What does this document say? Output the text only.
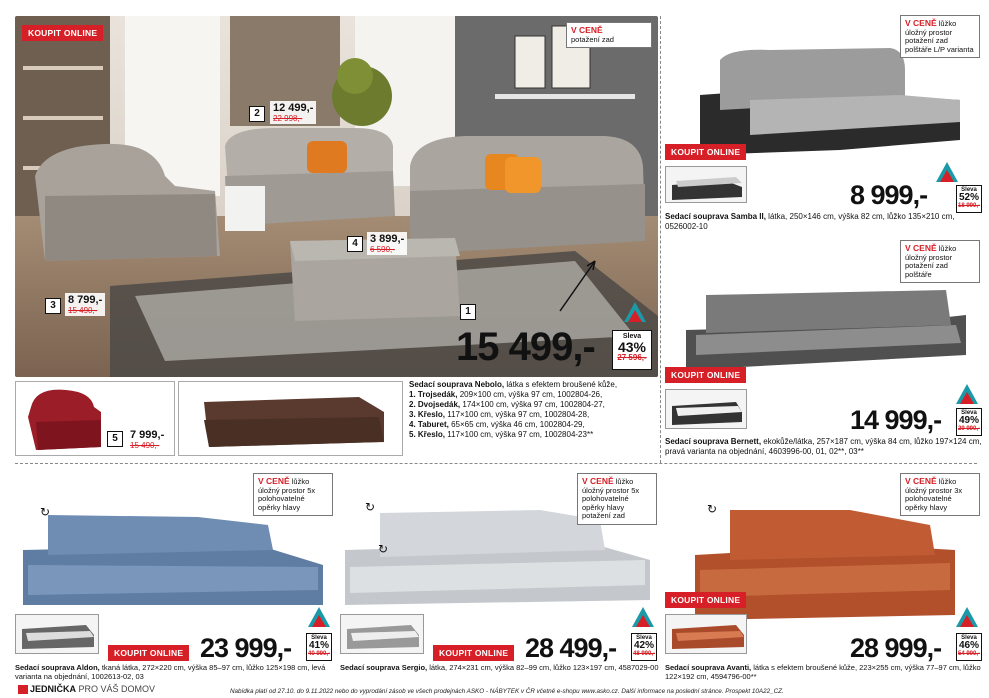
KOUPIT ONLINE	V CENĚ
potažení zad
2	12 499,-
22 998,-
4	3 899,-
6 590,-
3	8 799,-
15 490,-	1
15 499,-	Sleva
43%
27 596,-
5	7 999,-
15 490,-
Sedací souprava Nebolo, látka s efektem broušené kůže,
1. Trojsedák, 209×100 cm, výška 97 cm, 1002804-26,
2. Dvojsedák, 174×100 cm, výška 97 cm, 1002804-27,
3. Křeslo, 117×100 cm, výška 97 cm, 1002804-28,
4. Taburet, 65×65 cm, výška 46 cm, 1002804-29,
5. Křeslo, 117×100 cm, výška 97 cm, 1002804-23**
V CENĚ lůžko úložný prostor potažení zad polštáře L/P varianta
KOUPIT ONLINE
8 999,-	Sleva
52%
18 990,-
Sedací souprava Samba II, látka, 250×146 cm, výška 82 cm, lůžko 135×210 cm, 0526002-10
V CENĚ lůžko úložný prostor potažení zad polštáře
KOUPIT ONLINE
14 999,-	Sleva
49%
29 990,-
Sedací souprava Bernett, ekokůže/látka, 257×187 cm, výška 84 cm, lůžko 197×124 cm, pravá varianta na objednání, 4603996-00, 01, 02**, 03**
↻
V CENĚ lůžko úložný prostor 5x polohovatelné opěrky hlavy
KOUPIT ONLINE 23 999,-	Sleva
41%
40 990,-
Sedací souprava Aldon, tkaná látka, 272×220 cm, výška 85–97 cm, lůžko 125×198 cm, levá varianta na objednání, 1002613-02, 03
↻
↻
V CENĚ lůžko úložný prostor 5x polohovatelné opěrky hlavy potažení zad
KOUPIT ONLINE 28 499,-	Sleva
42%
48 990,-
Sedací souprava Sergio, látka, 274×231 cm, výška 82–99 cm, lůžko 123×197 cm, 4587029-00
↻
V CENĚ lůžko úložný prostor 3x polohovatelné opěrky hlavy
KOUPIT ONLINE
28 999,-	Sleva
46%
54 990,-
Sedací souprava Avanti, látka s efektem broušené kůže, 223×255 cm, výška 77–97 cm, lůžko 122×192 cm, 4594796-00**
JEDNIČKA PRO VÁŠ DOMOV	Nabídka platí od 27.10. do 9.11.2022 nebo do vyprodání zásob ve všech prodejnách ASKO - NÁBYTEK v ČR včetně e-shopu www.asko.cz. Další informace na poslední stránce. Prospekt 10A22_CZ.
